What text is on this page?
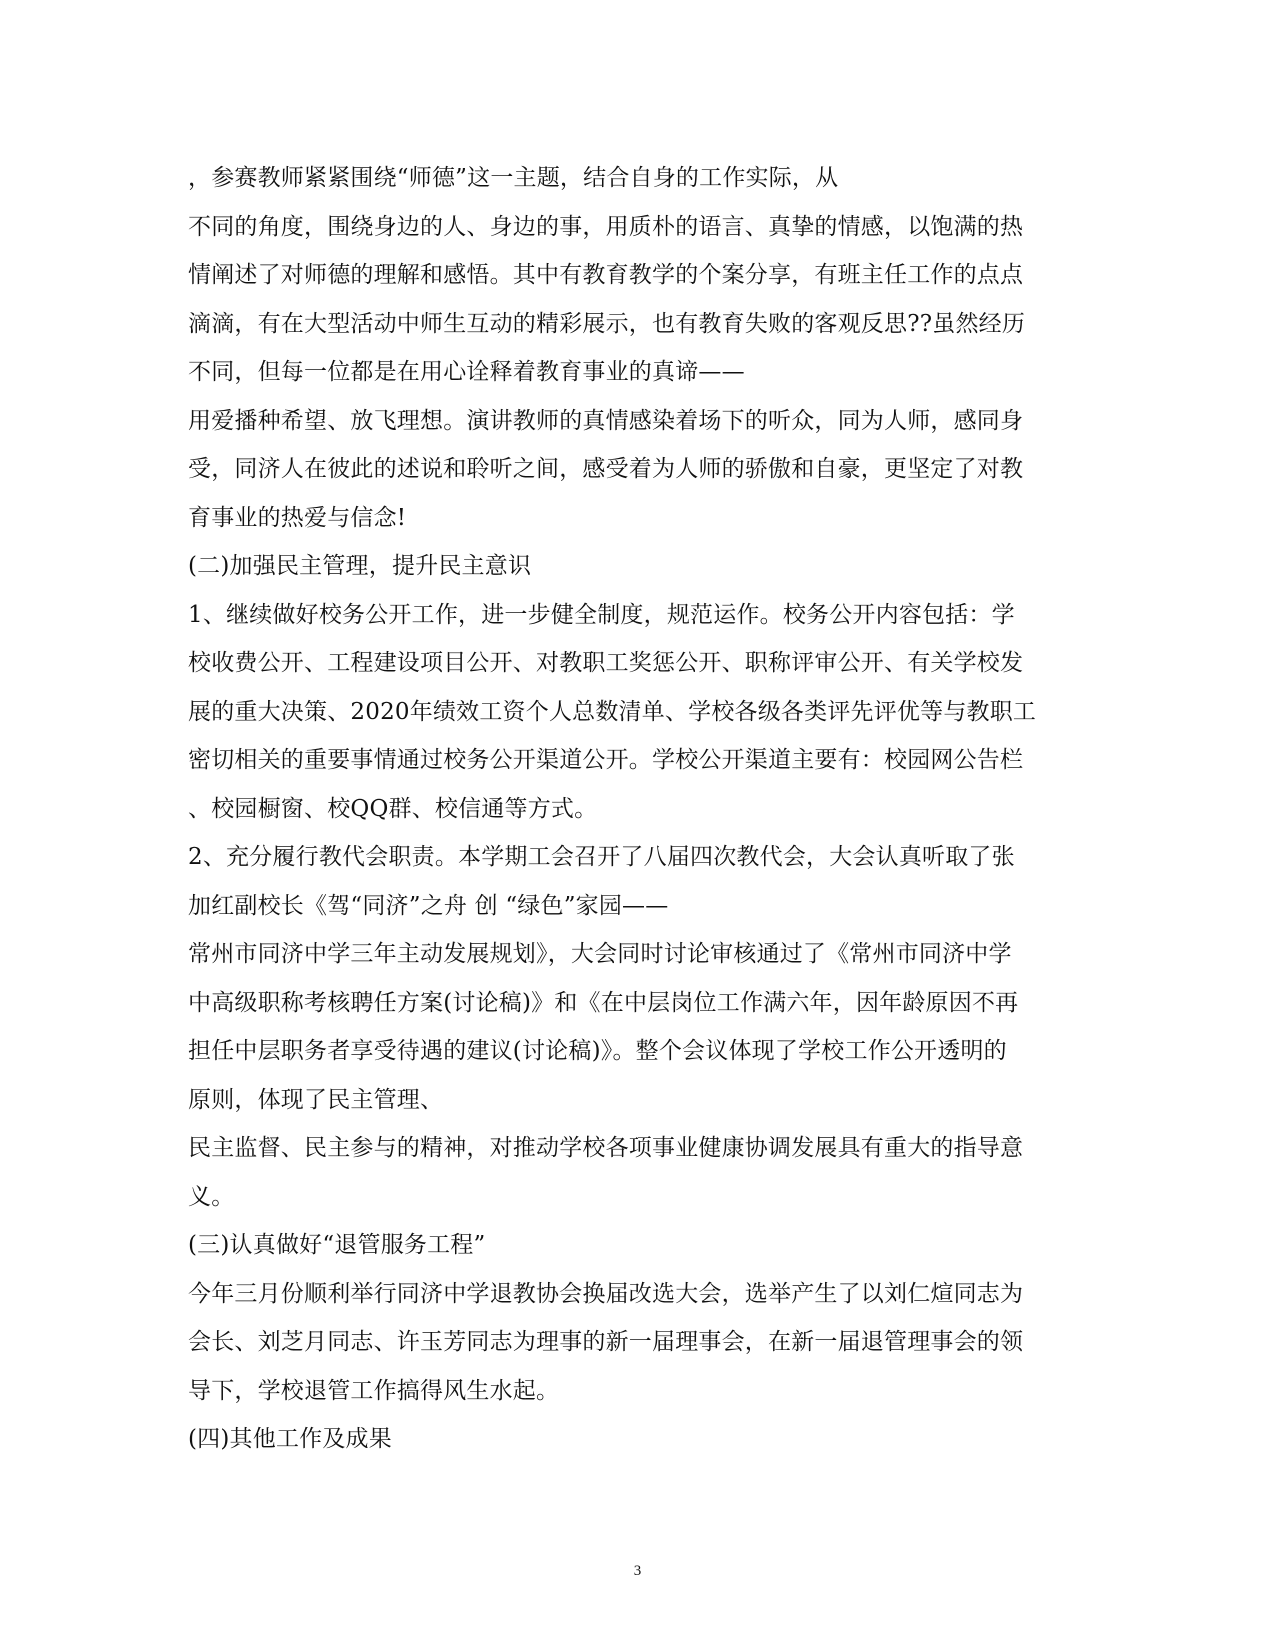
，参赛教师紧紧围绕“师德”这一主题，结合自身的工作实际，从
不同的角度，围绕身边的人、身边的事，用质朴的语言、真挚的情感，以饱满的热
情阐述了对师德的理解和感悟。其中有教育教学的个案分享，有班主任工作的点点
滴滴，有在大型活动中师生互动的精彩展示，也有教育失败的客观反思??虽然经历
不同，但每一位都是在用心诠释着教育事业的真谛——
用爱播种希望、放飞理想。演讲教师的真情感染着场下的听众，同为人师，感同身
受，同济人在彼此的述说和聆听之间，感受着为人师的骄傲和自豪，更坚定了对教
育事业的热爱与信念!
(二)加强民主管理，提升民主意识
1、继续做好校务公开工作，进一步健全制度，规范运作。校务公开内容包括：学
校收费公开、工程建设项目公开、对教职工奖惩公开、职称评审公开、有关学校发
展的重大决策、2020年绩效工资个人总数清单、学校各级各类评先评优等与教职工
密切相关的重要事情通过校务公开渠道公开。学校公开渠道主要有：校园网公告栏
、校园橱窗、校QQ群、校信通等方式。
2、充分履行教代会职责。本学期工会召开了八届四次教代会，大会认真听取了张
加红副校长《驾“同济”之舟 创 “绿色”家园——
常州市同济中学三年主动发展规划》，大会同时讨论审核通过了《常州市同济中学
中高级职称考核聘任方案(讨论稿)》和《在中层岗位工作满六年，因年龄原因不再
担任中层职务者享受待遇的建议(讨论稿)》。整个会议体现了学校工作公开透明的
原则，体现了民主管理、
民主监督、民主参与的精神，对推动学校各项事业健康协调发展具有重大的指导意
义。
(三)认真做好“退管服务工程”
今年三月份顺利举行同济中学退教协会换届改选大会，选举产生了以刘仁煊同志为
会长、刘芝月同志、许玉芳同志为理事的新一届理事会，在新一届退管理事会的领
导下，学校退管工作搞得风生水起。
(四)其他工作及成果
3
